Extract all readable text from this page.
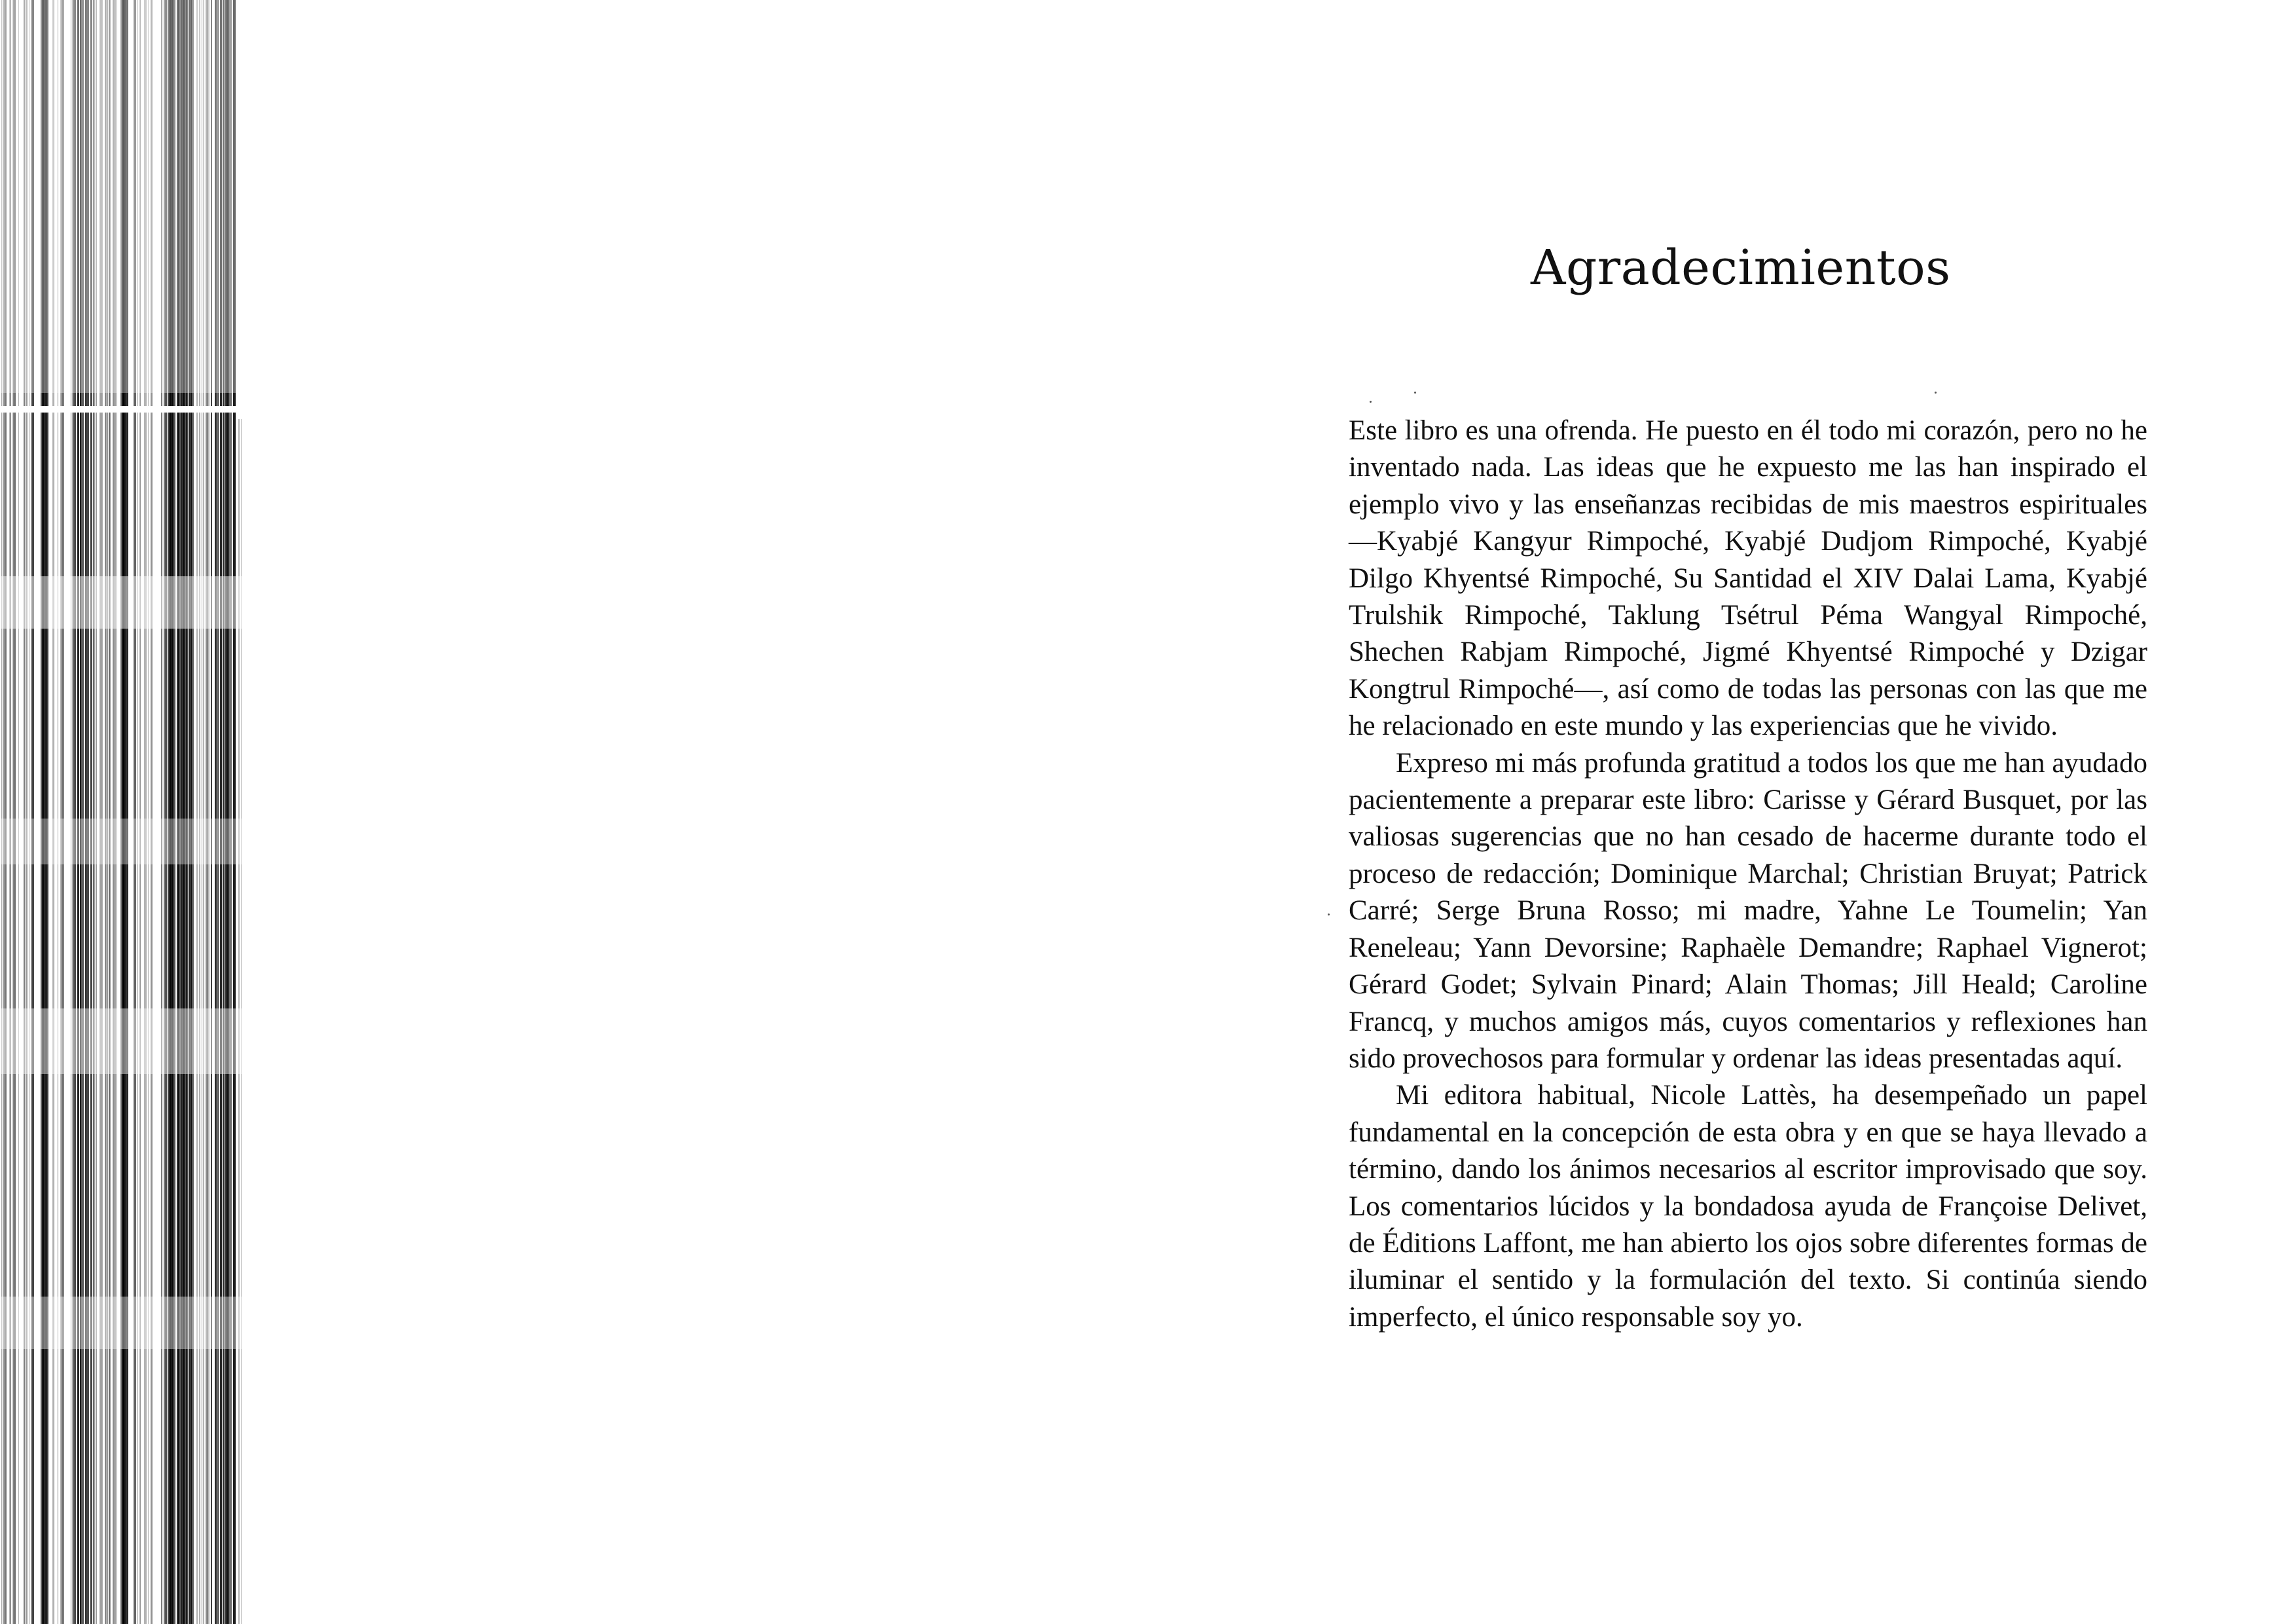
Agradecimientos

Este libro es una ofrenda. He puesto en él todo mi corazón, pero no he inventado nada. Las ideas que he expuesto me las han inspirado el ejemplo vivo y las enseñanzas recibidas de mis maestros espirituales —Kyabjé Kangyur Rimpoché, Kyabjé Dudjom Rimpoché, Kyabjé Dilgo Khyentsé Rimpoché, Su Santidad el XIV Dalai Lama, Kyabjé Trulshik Rimpoché, Taklung Tsétrul Péma Wangyal Rimpoché, Shechen Rabjam Rimpoché, Jigmé Khyentsé Rimpoché y Dzigar Kongtrul Rimpoché—, así como de todas las personas con las que me he relacionado en este mundo y las experiencias que he vivido.

Expreso mi más profunda gratitud a todos los que me han ayudado pacientemente a preparar este libro: Carisse y Gérard Busquet, por las valiosas sugerencias que no han cesado de hacerme durante todo el proceso de redacción; Dominique Marchal; Christian Bruyat; Patrick Carré; Serge Bruna Rosso; mi madre, Yahne Le Toumelin; Yan Reneleau; Yann Devorsine; Raphaèle Demandre; Raphael Vignerot; Gérard Godet; Sylvain Pinard; Alain Thomas; Jill Heald; Caroline Francq, y muchos amigos más, cuyos comentarios y reflexiones han sido provechosos para formular y ordenar las ideas presentadas aquí.

Mi editora habitual, Nicole Lattès, ha desempeñado un papel fundamental en la concepción de esta obra y en que se haya llevado a término, dando los ánimos necesarios al escritor improvisado que soy. Los comentarios lúcidos y la bondadosa ayuda de Françoise Delivet, de Éditions Laffont, me han abierto los ojos sobre diferentes formas de iluminar el sentido y la formulación del texto. Si continúa siendo imperfecto, el único responsable soy yo.
